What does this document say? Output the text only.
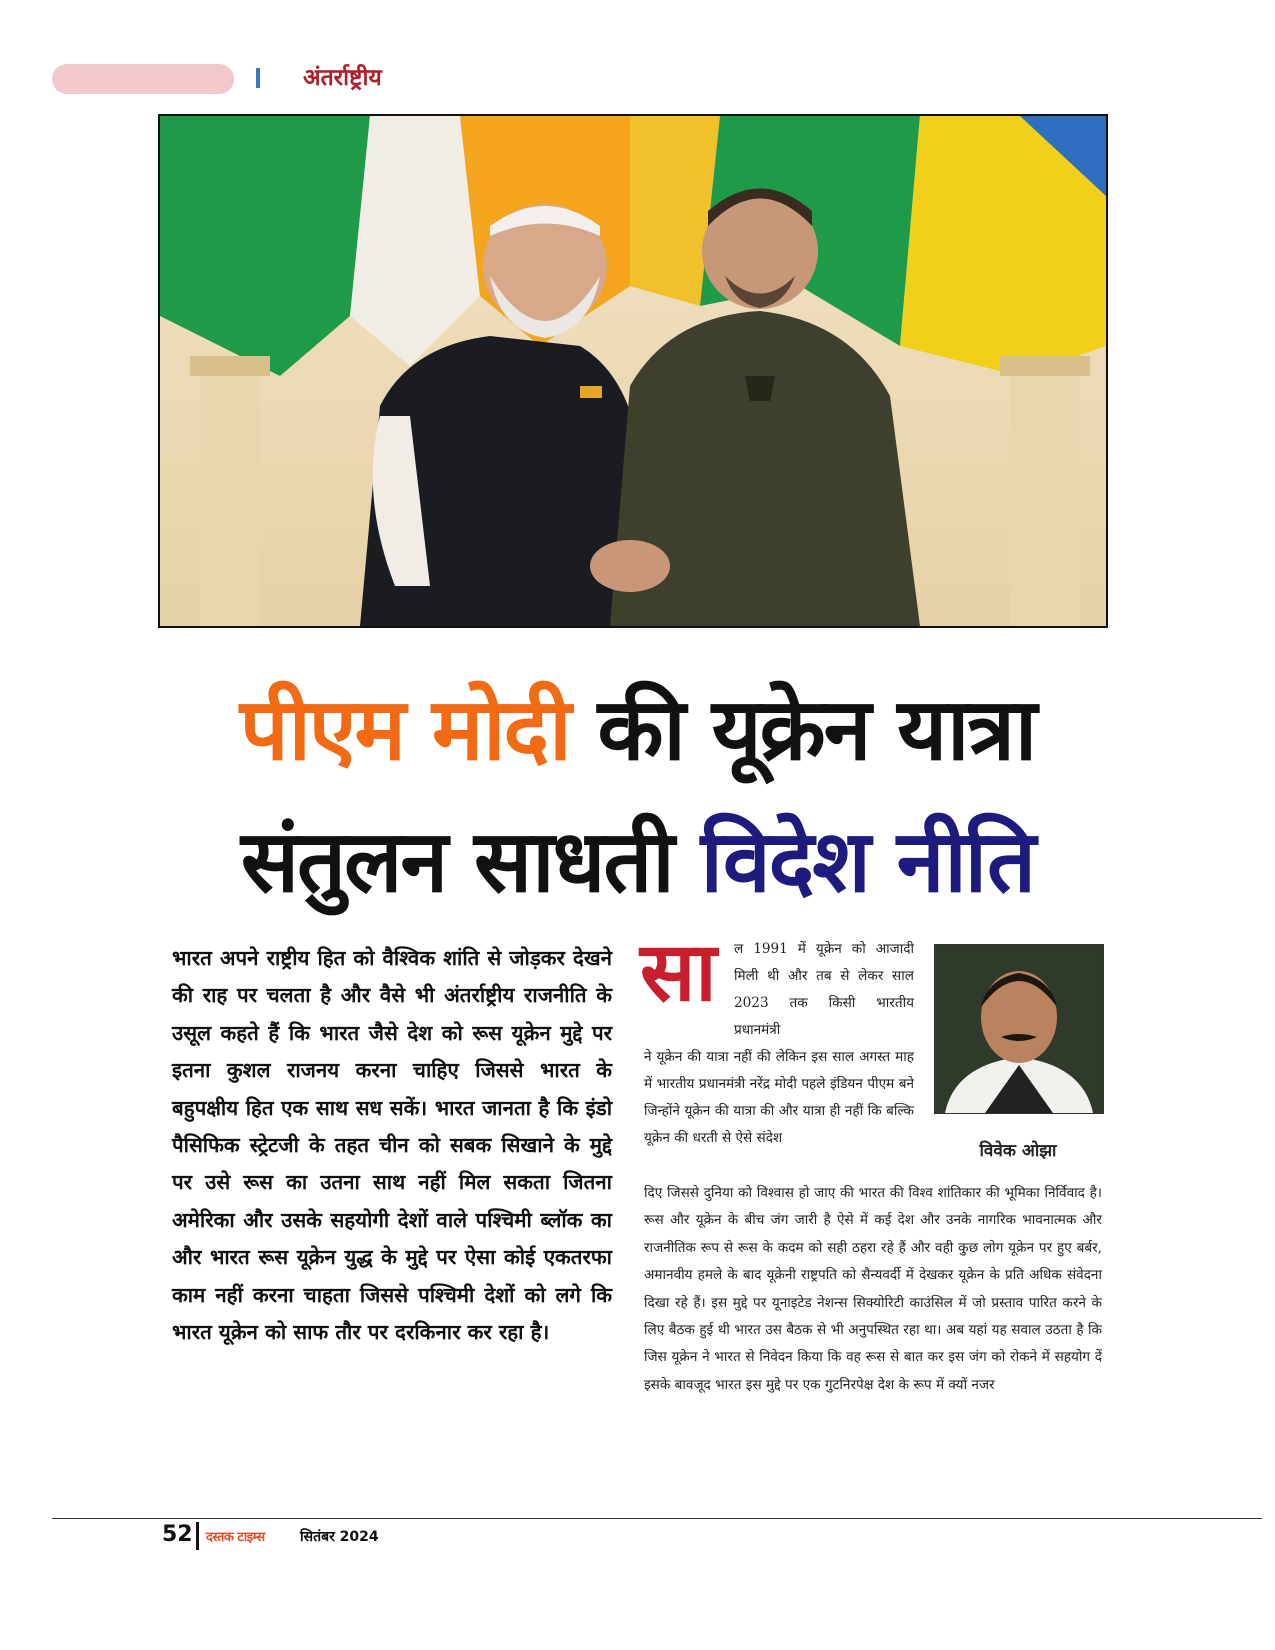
अंतर्राष्ट्रीय
पीएम मोदी की यूक्रेन यात्रा
संतुलन साधती विदेश नीति

भारत अपने राष्ट्रीय हित को वैश्विक शांति से जोड़कर देखने की राह पर चलता है और वैसे भी अंतर्राष्ट्रीय राजनीति के उसूल कहते हैं कि भारत जैसे देश को रूस यूक्रेन मुद्दे पर इतना कुशल राजनय करना चाहिए जिससे भारत के बहुपक्षीय हित एक साथ सध सकें। भारत जानता है कि इंडो पैसिफिक स्ट्रेटजी के तहत चीन को सबक सिखाने के मुद्दे पर उसे रूस का उतना साथ नहीं मिल सकता जितना अमेरिका और उसके सहयोगी देशों वाले पश्चिमी ब्लॉक का और भारत रूस यूक्रेन युद्ध के मुद्दे पर ऐसा कोई एकतरफा काम नहीं करना चाहता जिससे पश्चिमी देशों को लगे कि भारत यूक्रेन को साफ तौर पर दरकिनार कर रहा है।

सा ल 1991 में यूक्रेन को आजादी मिली थी और तब से लेकर साल 2023 तक किसी भारतीय प्रधानमंत्री

ने यूक्रेन की यात्रा नहीं की लेकिन इस साल अगस्त माह में भारतीय प्रधानमंत्री नरेंद्र मोदी पहले इंडियन पीएम बने जिन्होंने यूक्रेन की यात्रा की और यात्रा ही नहीं कि बल्कि यूक्रेन की धरती से ऐसे संदेश

दिए जिससे दुनिया को विश्वास हो जाए की भारत की विश्व शांतिकार की भूमिका निर्विवाद है। रूस और यूक्रेन के बीच जंग जारी है ऐसे में कई देश और उनके नागरिक भावनात्मक और राजनीतिक रूप से रूस के कदम को सही ठहरा रहे हैं और वही कुछ लोग यूक्रेन पर हुए बर्बर, अमानवीय हमले के बाद यूक्रेनी राष्ट्रपति को सैन्यवर्दी में देखकर यूक्रेन के प्रति अधिक संवेदना दिखा रहे हैं। इस मुद्दे पर यूनाइटेड नेशन्स सिक्योरिटी काउंसिल में जो प्रस्ताव पारित करने के लिए बैठक हुई थी भारत उस बैठक से भी अनुपस्थित रहा था। अब यहां यह सवाल उठता है कि जिस यूक्रेन ने भारत से निवेदन किया कि वह रूस से बात कर इस जंग को रोकने में सहयोग दें इसके बावजूद भारत इस मुद्दे पर एक गुटनिरपेक्ष देश के रूप में क्यों नजर

विवेक ओझा
52 दस्तक टाइम्स	सितंबर 2024
